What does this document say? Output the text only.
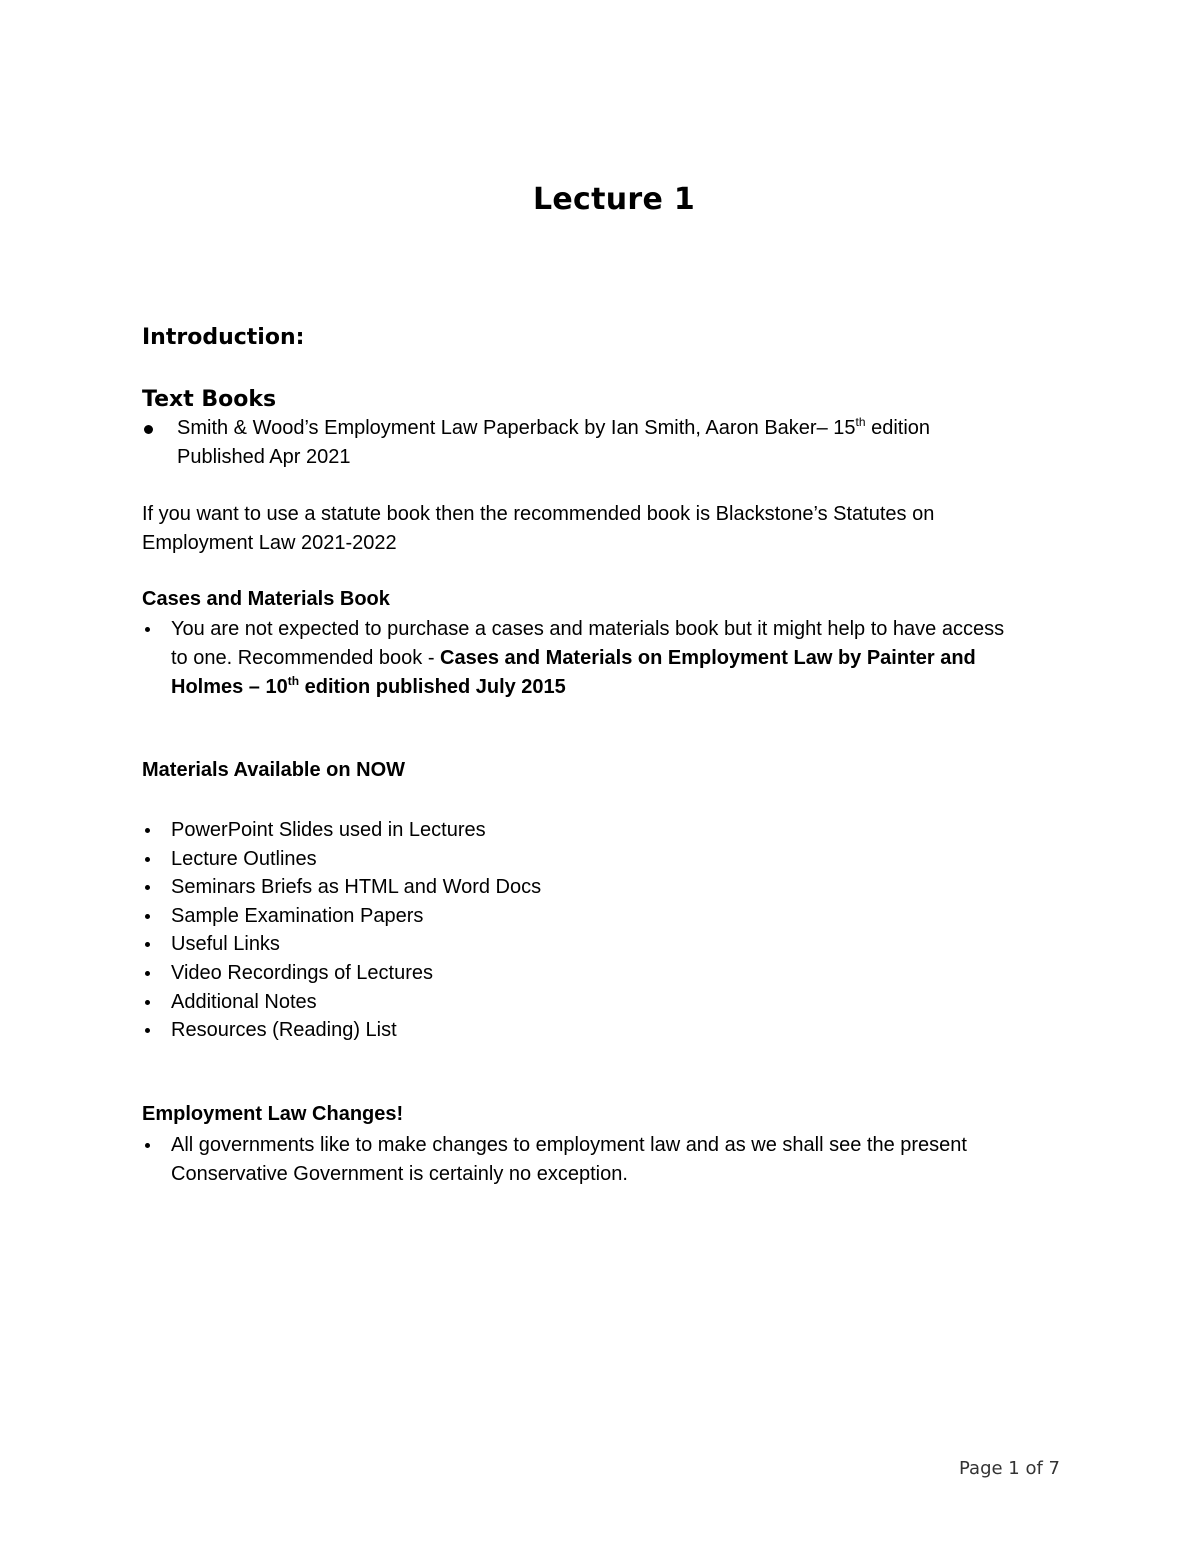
Lecture 1
Introduction:
Text Books
Smith & Wood’s Employment Law Paperback by Ian Smith, Aaron Baker– 15th edition
Published Apr 2021
If you want to use a statute book then the recommended book is Blackstone’s Statutes on
Employment Law 2021-2022
Cases and Materials Book
You are not expected to purchase a cases and materials book but it might help to have access
to one. Recommended book - Cases and Materials on Employment Law by Painter and
Holmes – 10th edition published July 2015
Materials Available on NOW
PowerPoint Slides used in Lectures
Lecture Outlines
Seminars Briefs as HTML and Word Docs
Sample Examination Papers
Useful Links
Video Recordings of Lectures
Additional Notes
Resources (Reading) List
Employment Law Changes!
All governments like to make changes to employment law and as we shall see the present
Conservative Government is certainly no exception.
Page 1 of 7
